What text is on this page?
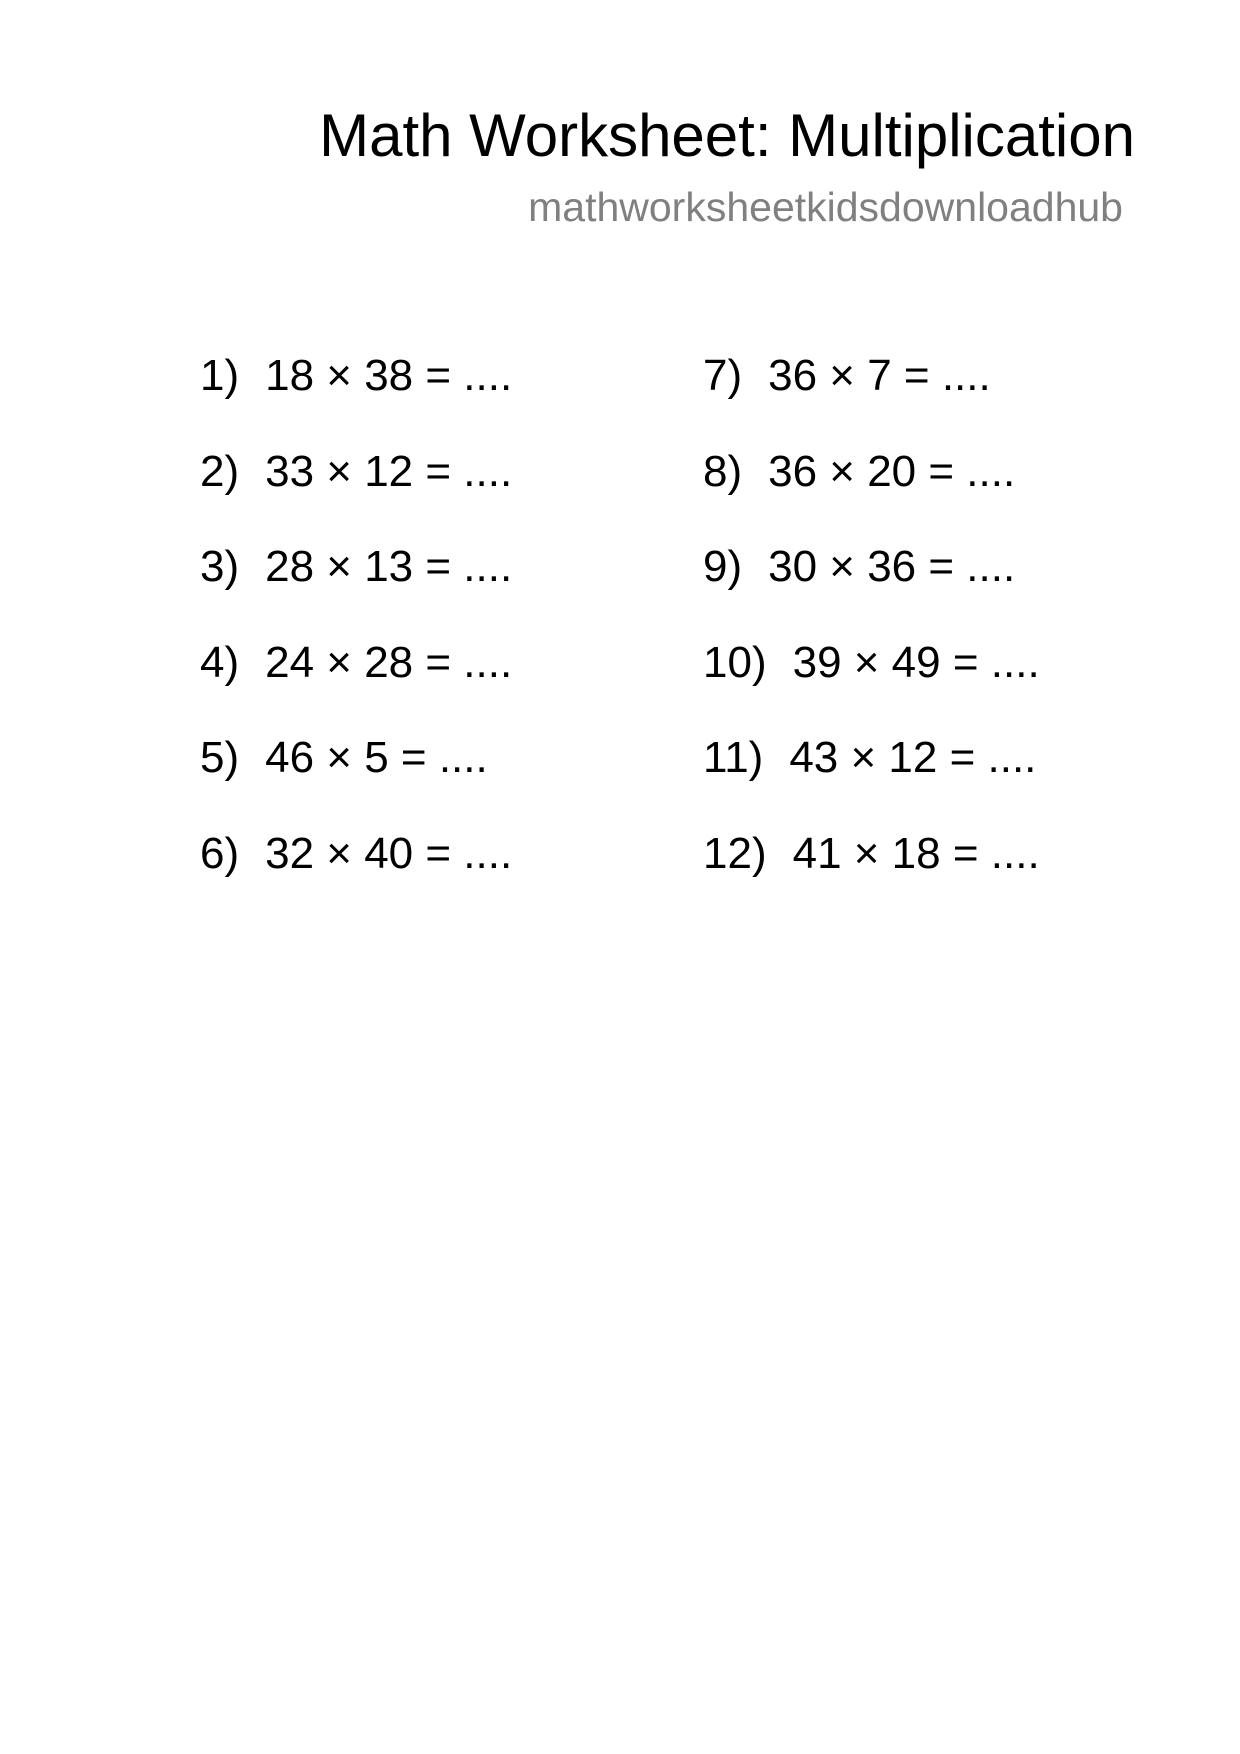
Math Worksheet: Multiplication
mathworksheetkidsdownloadhub
1) 18 × 38 = ....
2) 33 × 12 = ....
3) 28 × 13 = ....
4) 24 × 28 = ....
5) 46 × 5 = ....
6) 32 × 40 = ....
7) 36 × 7 = ....
8) 36 × 20 = ....
9) 30 × 36 = ....
10) 39 × 49 = ....
11) 43 × 12 = ....
12) 41 × 18 = ....
